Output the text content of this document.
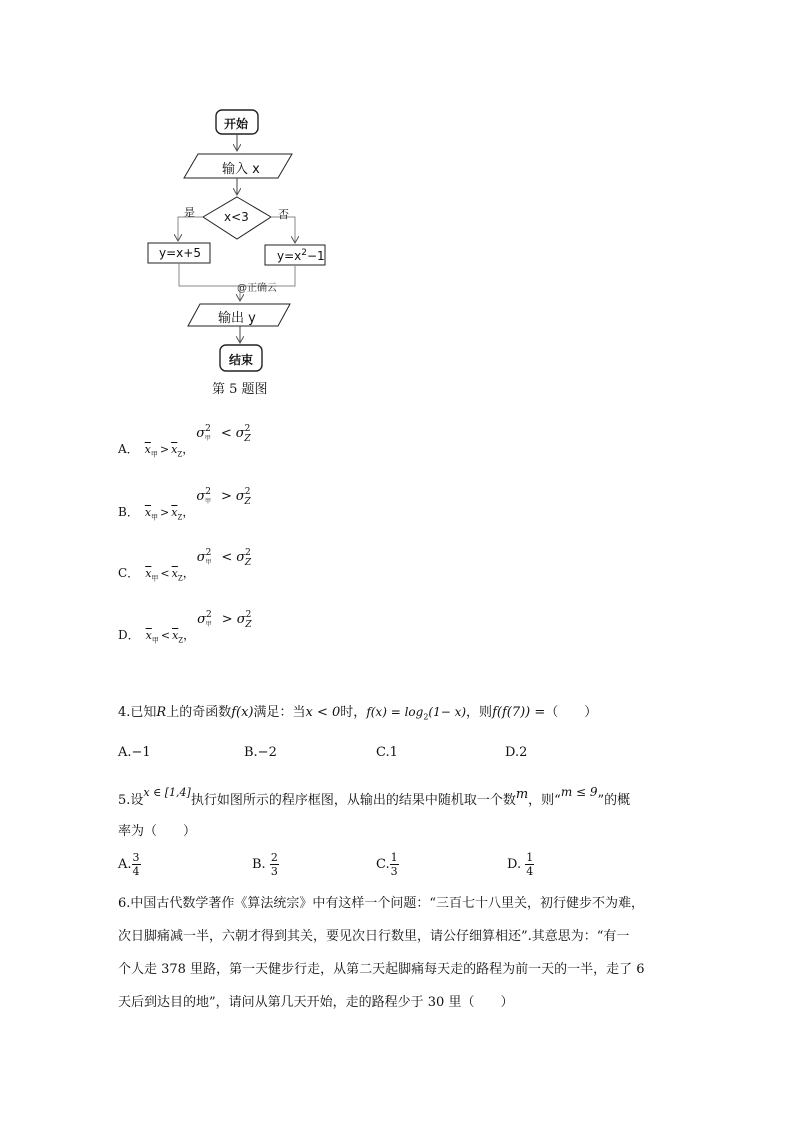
开始
输入 x
x<3
是	否
y=x+5	$y=x^2-1$
@正确云
输出 y
结束
第 5 题图
A． $\overline{x}_甲 > \overline{x}_Z$，$\sigma^2_甲 < \sigma^2_Z$
B． $\overline{x}_甲 > \overline{x}_Z$，$\sigma^2_甲 > \sigma^2_Z$
C． $\overline{x}_甲 < \overline{x}_Z$，$\sigma^2_甲 < \sigma^2_Z$
D． $\overline{x}_甲 < \overline{x}_Z$，$\sigma^2_甲 > \sigma^2_Z$
4.已知R上的奇函数f(x)满足：当x < 0时，$f(x) = \log_2(1- x)$，则f(f(7)) =（　　）
A.−1	B.−2	C.1	D.2
5.设$^{x \in [1,4]}$执行如图所示的程序框图，从输出的结果中随机取一个数m，则“m ≤ 9”的概
率为（　　）
A. $\frac{3}{4}$	B. $\frac{2}{3}$	C. $\frac{1}{3}$	D. $\frac{1}{4}$
6.中国古代数学著作《算法统宗》中有这样一个问题：“三百七十八里关，初行健步不为难，
次日脚痛减一半，六朝才得到其关，要见次日行数里，请公仔细算相还”.其意思为：“有一
个人走 378 里路，第一天健步行走，从第二天起脚痛每天走的路程为前一天的一半，走了 6
天后到达目的地”，请问从第几天开始，走的路程少于 30 里（　　）
